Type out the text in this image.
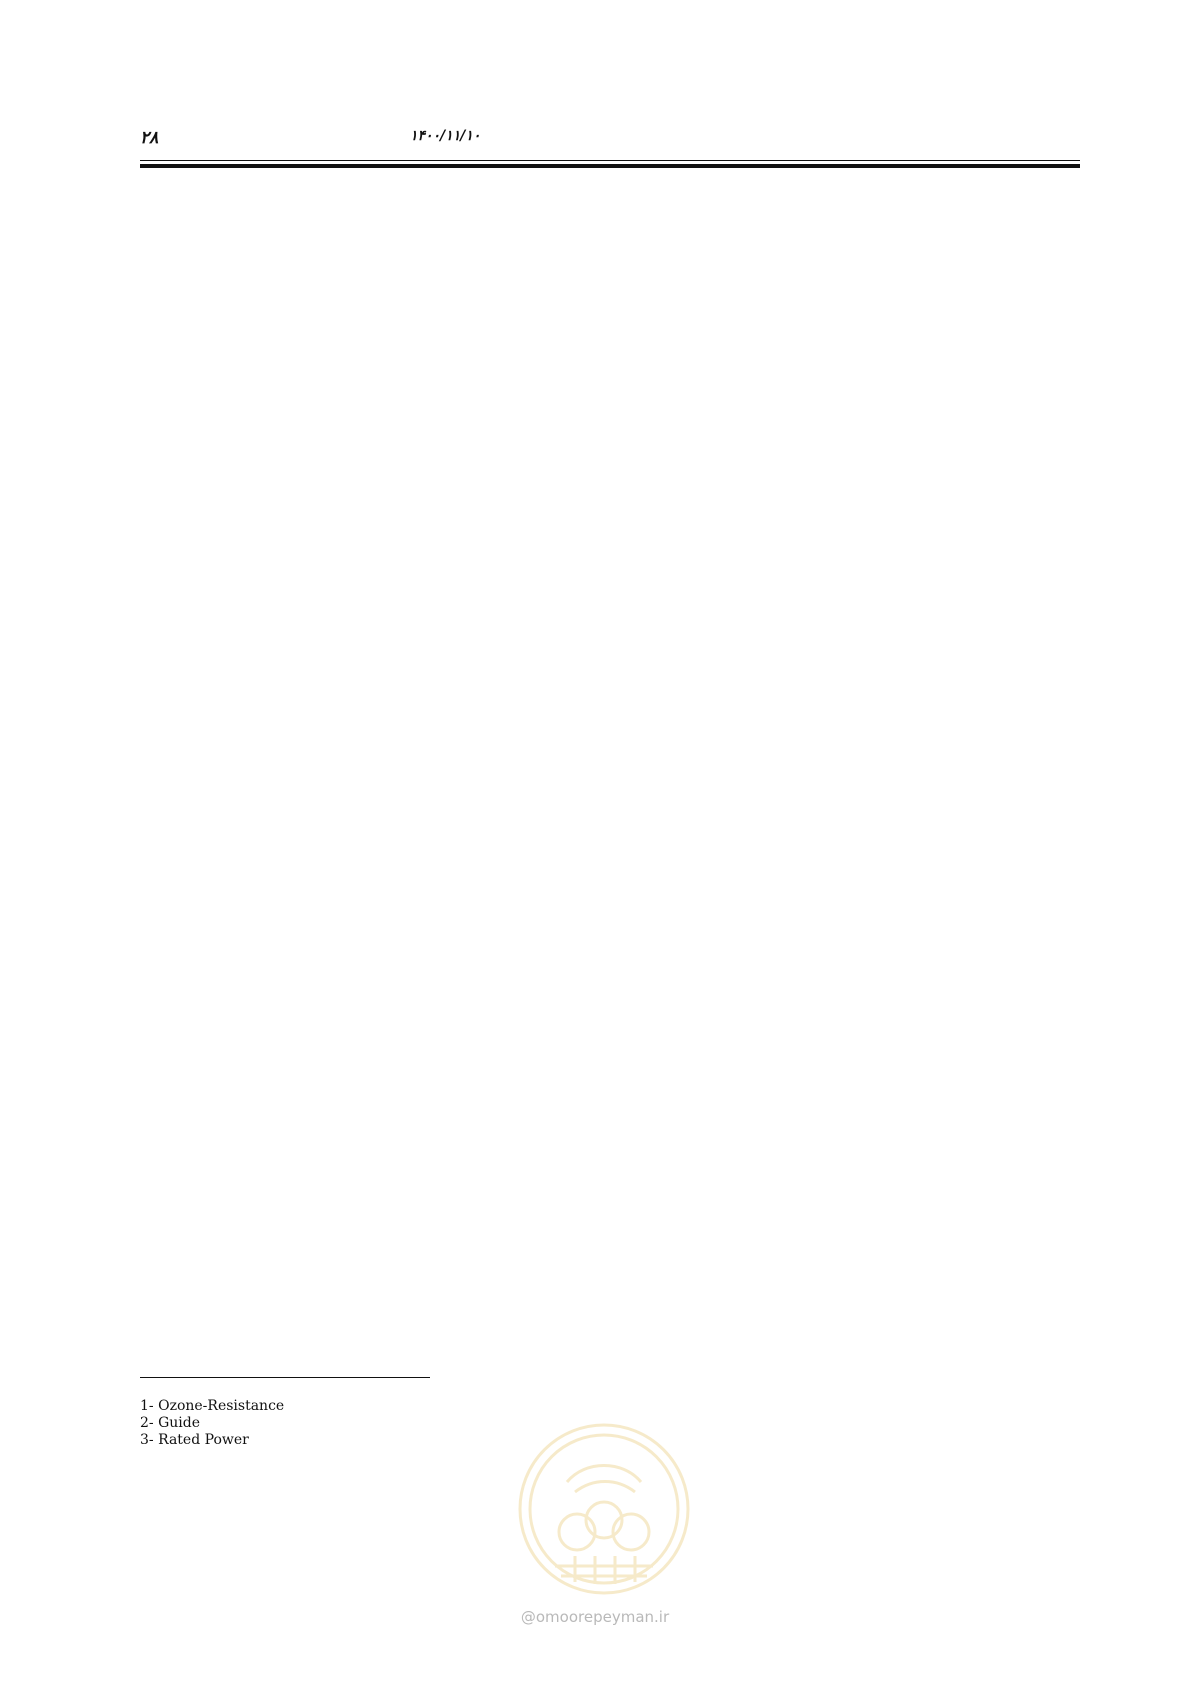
۲۸	۱۴۰۰/۱۱/۱۰

1- Ozone-Resistance
2- Guide
3- Rated Power
@omoorepeyman.ir
